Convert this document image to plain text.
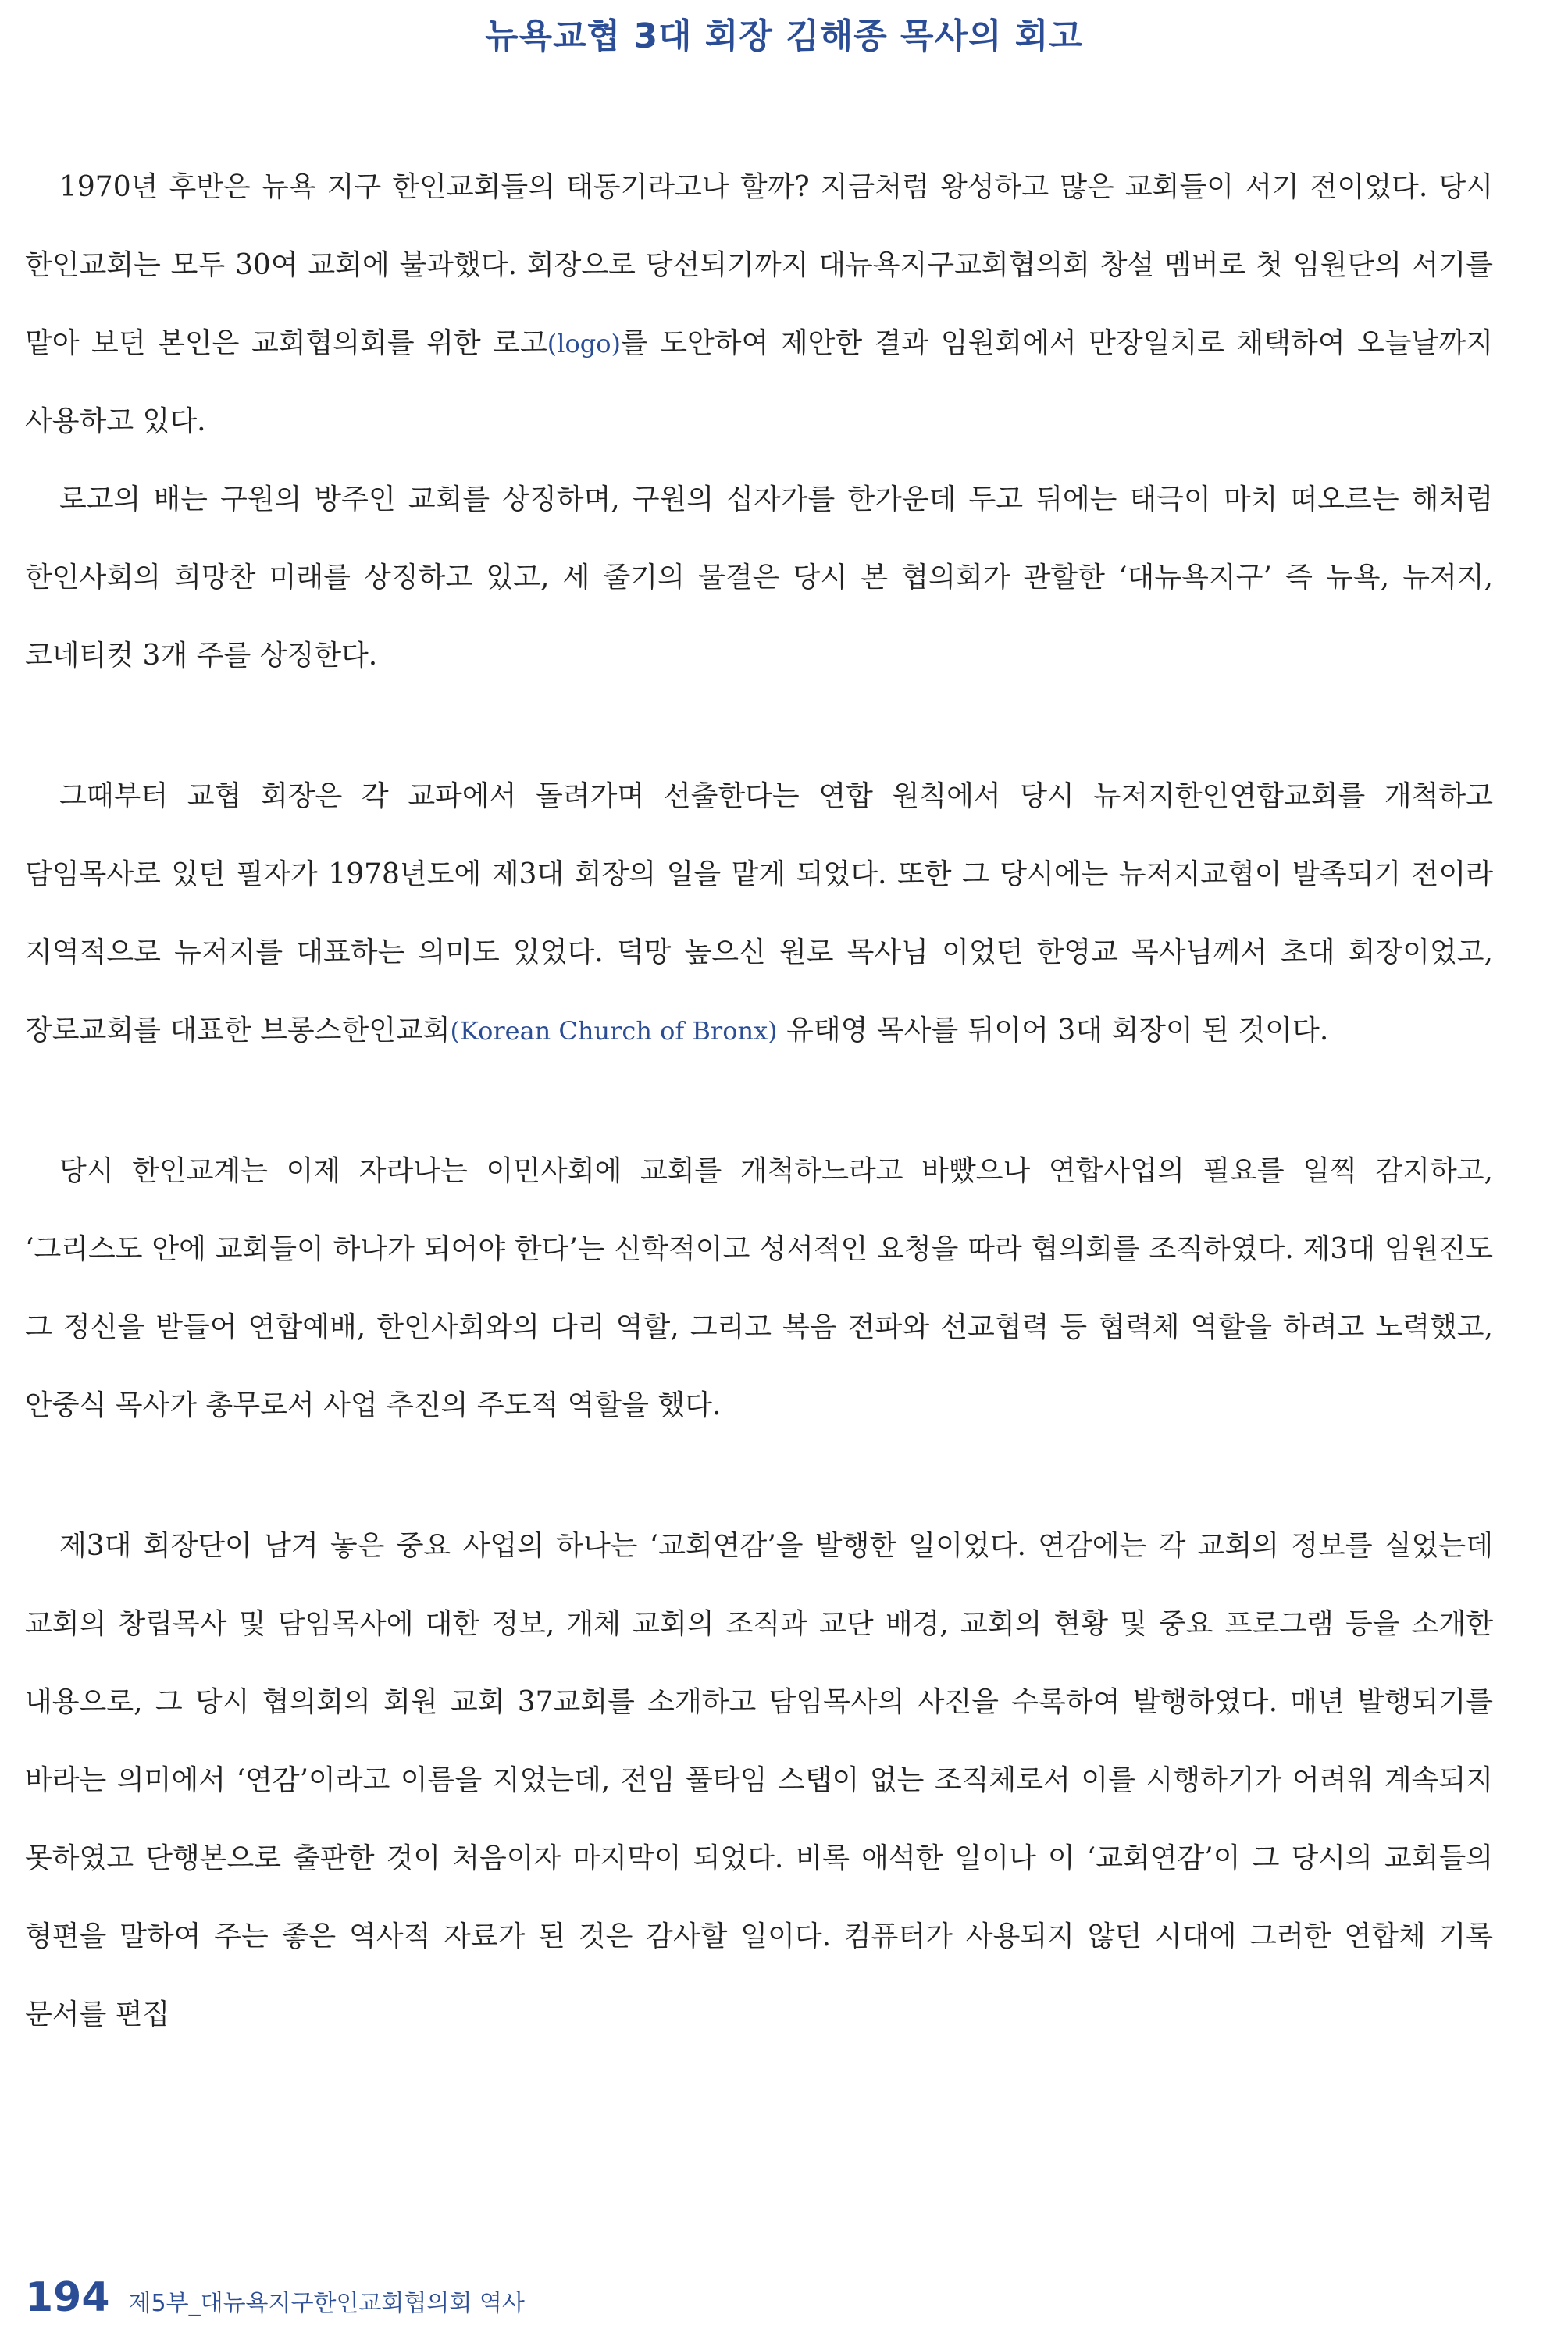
뉴욕교협 3대 회장 김해종 목사의 회고

1970년 후반은 뉴욕 지구 한인교회들의 태동기라고나 할까? 지금처럼 왕성하고 많은 교회들이 서기 전이었다. 당시 한인교회는 모두 30여 교회에 불과했다. 회장으로 당선되기까지 대뉴욕지구교회협의회 창설 멤버로 첫 임원단의 서기를 맡아 보던 본인은 교회협의회를 위한 로고(logo)를 도안하여 제안한 결과 임원회에서 만장일치로 채택하여 오늘날까지 사용하고 있다.

로고의 배는 구원의 방주인 교회를 상징하며, 구원의 십자가를 한가운데 두고 뒤에는 태극이 마치 떠오르는 해처럼 한인사회의 희망찬 미래를 상징하고 있고, 세 줄기의 물결은 당시 본 협의회가 관할한 ‘대뉴욕지구’ 즉 뉴욕, 뉴저지, 코네티컷 3개 주를 상징한다.

그때부터 교협 회장은 각 교파에서 돌려가며 선출한다는 연합 원칙에서 당시 뉴저지한인연합교회를 개척하고 담임목사로 있던 필자가 1978년도에 제3대 회장의 일을 맡게 되었다. 또한 그 당시에는 뉴저지교협이 발족되기 전이라 지역적으로 뉴저지를 대표하는 의미도 있었다. 덕망 높으신 원로 목사님 이었던 한영교 목사님께서 초대 회장이었고, 장로교회를 대표한 브롱스한인교회(Korean Church of Bronx) 유태영 목사를 뒤이어 3대 회장이 된 것이다.

당시 한인교계는 이제 자라나는 이민사회에 교회를 개척하느라고 바빴으나 연합사업의 필요를 일찍 감지하고, ‘그리스도 안에 교회들이 하나가 되어야 한다’는 신학적이고 성서적인 요청을 따라 협의회를 조직하였다. 제3대 임원진도 그 정신을 받들어 연합예배, 한인사회와의 다리 역할, 그리고 복음 전파와 선교협력 등 협력체 역할을 하려고 노력했고, 안중식 목사가 총무로서 사업 추진의 주도적 역할을 했다.

제3대 회장단이 남겨 놓은 중요 사업의 하나는 ‘교회연감’을 발행한 일이었다. 연감에는 각 교회의 정보를 실었는데 교회의 창립목사 및 담임목사에 대한 정보, 개체 교회의 조직과 교단 배경, 교회의 현황 및 중요 프로그램 등을 소개한 내용으로, 그 당시 협의회의 회원 교회 37교회를 소개하고 담임목사의 사진을 수록하여 발행하였다. 매년 발행되기를 바라는 의미에서 ‘연감’이라고 이름을 지었는데, 전임 풀타임 스탭이 없는 조직체로서 이를 시행하기가 어려워 계속되지 못하였고 단행본으로 출판한 것이 처음이자 마지막이 되었다. 비록 애석한 일이나 이 ‘교회연감’이 그 당시의 교회들의 형편을 말하여 주는 좋은 역사적 자료가 된 것은 감사할 일이다. 컴퓨터가 사용되지 않던 시대에 그러한 연합체 기록 문서를 편집

194 제5부_대뉴욕지구한인교회협의회 역사
